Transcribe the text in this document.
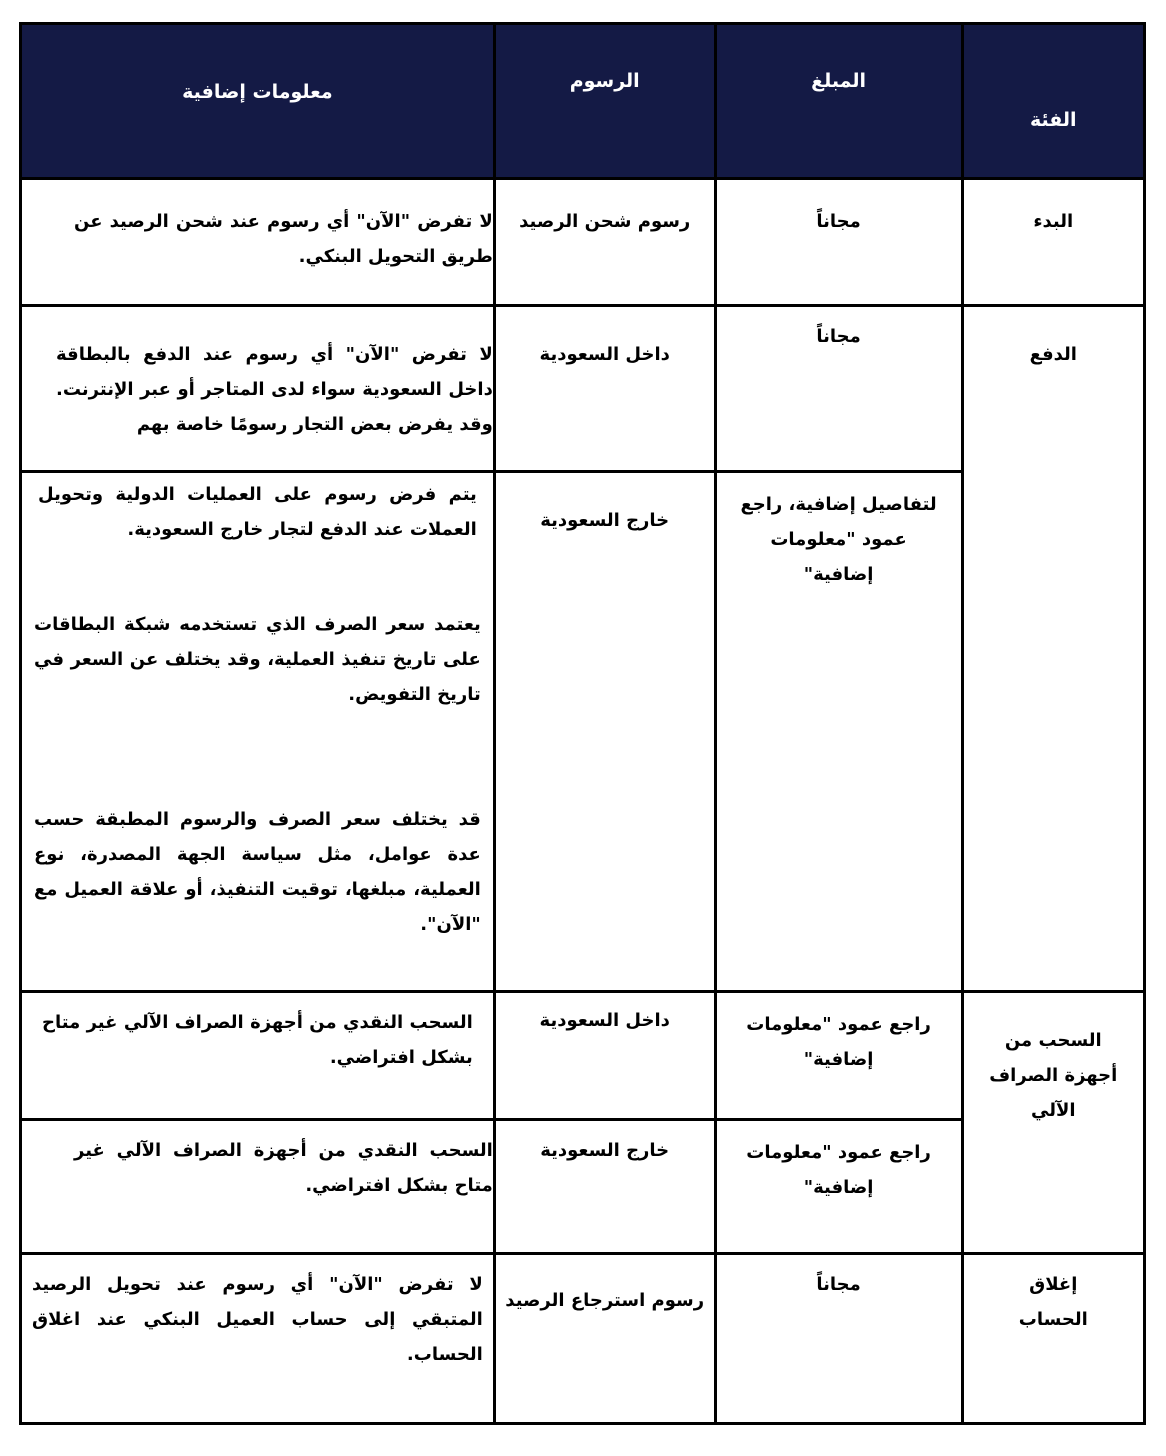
الفئة	المبلغ	الرسوم	معلومات إضافية

البدء	مجاناً	رسوم شحن الرصيد	لا تفرض "الآن" أي رسوم عند شحن الرصيد عن طريق التحويل البنكي.

الدفع	مجاناً	داخل السعودية	لا تفرض "الآن" أي رسوم عند الدفع بالبطاقة داخل السعودية سواء لدى المتاجر أو عبر الإنترنت. وقد يفرض بعض التجار رسومًا خاصة بهم

	لتفاصيل إضافية، راجع عمود "معلومات إضافية"	خارج السعودية	يتم فرض رسوم على العمليات الدولية وتحويل العملات عند الدفع لتجار خارج السعودية.
يعتمد سعر الصرف الذي تستخدمه شبكة البطاقات على تاريخ تنفيذ العملية، وقد يختلف عن السعر في تاريخ التفويض.
قد يختلف سعر الصرف والرسوم المطبقة حسب عدة عوامل، مثل سياسة الجهة المصدرة، نوع العملية، مبلغها، توقيت التنفيذ، أو علاقة العميل مع "الآن".

السحب من أجهزة الصراف الآلي	راجع عمود "معلومات إضافية"	داخل السعودية	السحب النقدي من أجهزة الصراف الآلي غير متاح بشكل افتراضي.

	راجع عمود "معلومات إضافية"	خارج السعودية	السحب النقدي من أجهزة الصراف الآلي غير متاح بشكل افتراضي.

إغلاق الحساب	مجاناً	رسوم استرجاع الرصيد	لا تفرض "الآن" أي رسوم عند تحويل الرصيد المتبقي إلى حساب العميل البنكي عند اغلاق الحساب.
